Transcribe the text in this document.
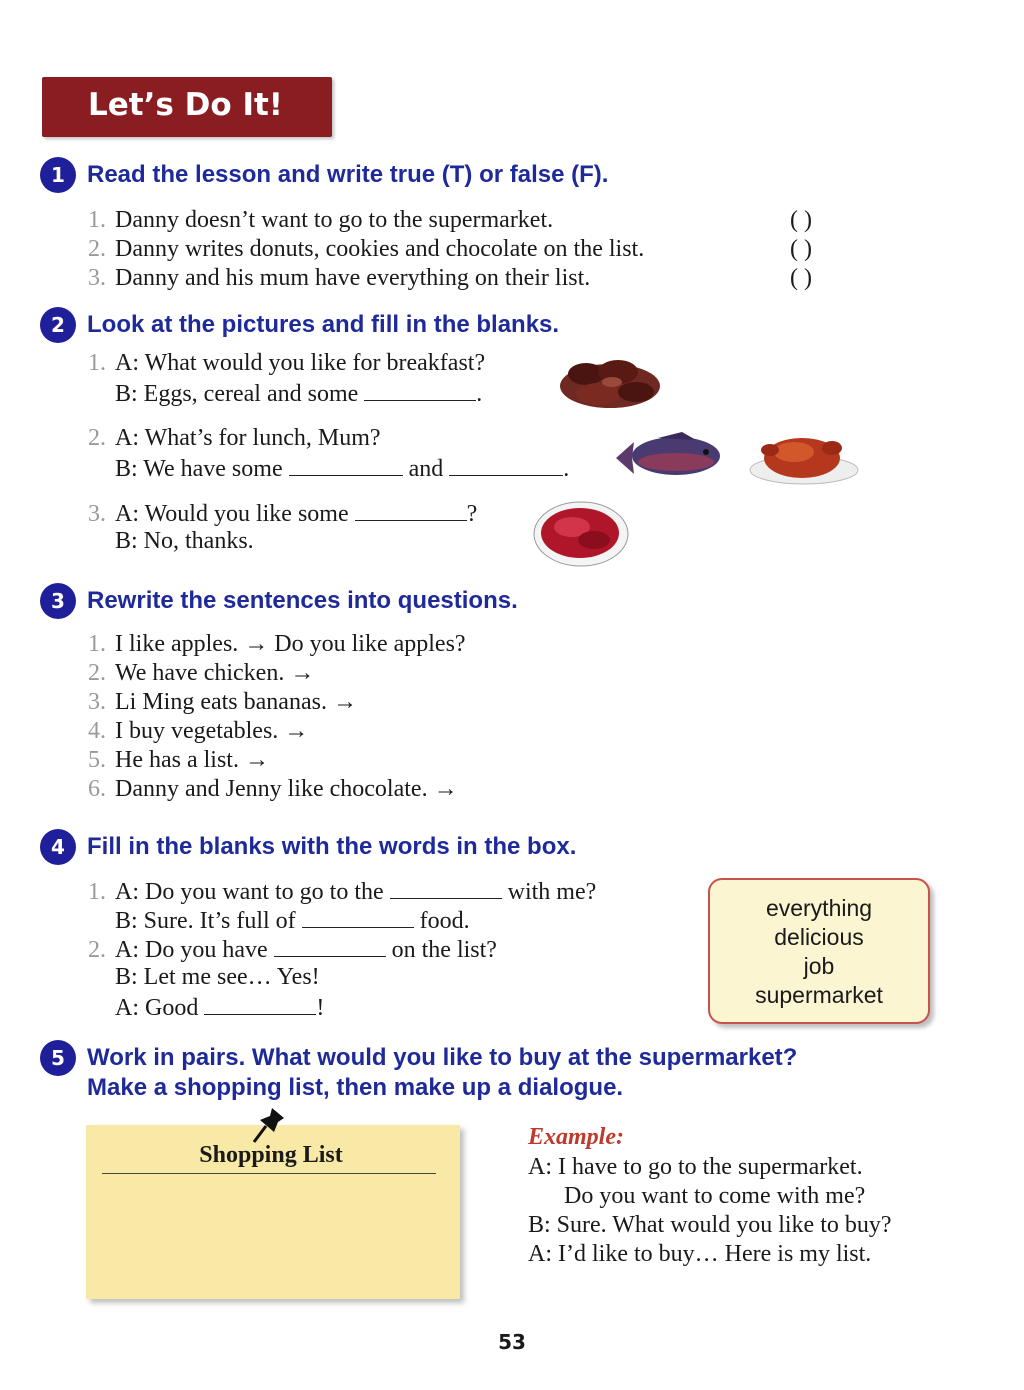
Let’s Do It!
1 Read the lesson and write true (T) or false (F).
1. Danny doesn’t want to go to the supermarket.	( )
2. Danny writes donuts, cookies and chocolate on the list.	( )
3. Danny and his mum have everything on their list.	( )
2 Look at the pictures and fill in the blanks.
1. A: What would you like for breakfast?
B: Eggs, cereal and some	.
2. A: What’s for lunch, Mum?
B: We have some	and	.
3. A: Would you like some	?
B: No, thanks.
3 Rewrite the sentences into questions.
1. I like apples. → Do you like apples?
2. We have chicken. →
3. Li Ming eats bananas. →
4. I buy vegetables. →
5. He has a list. →
6. Danny and Jenny like chocolate. →
4 Fill in the blanks with the words in the box.
1. A: Do you want to go to the	with me?
B: Sure. It’s full of	food.
2. A: Do you have	on the list?
B: Let me see… Yes!
A: Good	!
everything
delicious
job
supermarket
5 Work in pairs. What would you like to buy at the supermarket?
Make a shopping list, then make up a dialogue.
Shopping List
Example:
A: I have to go to the supermarket.
Do you want to come with me?
B: Sure. What would you like to buy?
A: I’d like to buy… Here is my list.
53
